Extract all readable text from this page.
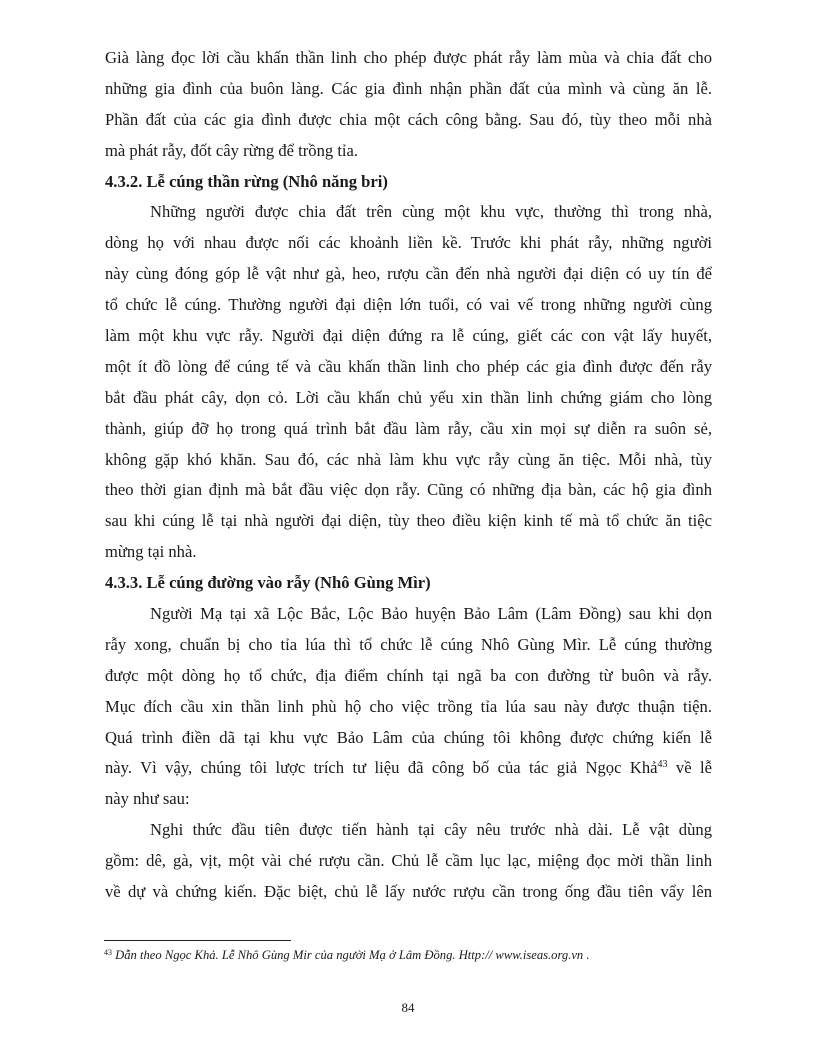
Già làng đọc lời cầu khấn thần linh cho phép được phát rẫy làm mùa và chia đất cho
những gia đình của buôn làng. Các gia đình nhận phần đất của mình và cùng ăn lễ.
Phần đất của các gia đình được chia một cách công bằng. Sau đó, tùy theo mỗi nhà
mà phát rẫy, đốt cây rừng để trồng tỉa.
4.3.2. Lễ cúng thần rừng (Nhô năng bri)
Những người được chia đất trên cùng một khu vực, thường thì trong nhà,
dòng họ với nhau được nối các khoảnh liền kề. Trước khi phát rẫy, những người
này cùng đóng góp lễ vật như gà, heo, rượu cần đến nhà người đại diện có uy tín để
tổ chức lễ cúng. Thường người đại diện lớn tuổi, có vai vế trong những người cùng
làm một khu vực rẫy. Người đại diện đứng ra lễ cúng, giết các con vật lấy huyết,
một ít đồ lòng để cúng tế và cầu khấn thần linh cho phép các gia đình được đến rẫy
bắt đầu phát cây, dọn cỏ. Lời cầu khấn chủ yếu xin thần linh chứng giám cho lòng
thành, giúp đỡ họ trong quá trình bắt đầu làm rẫy, cầu xin mọi sự diễn ra suôn sẻ,
không gặp khó khăn. Sau đó, các nhà làm khu vực rẫy cùng ăn tiệc. Mỗi nhà, tùy
theo thời gian định mà bắt đầu việc dọn rẫy. Cũng có những địa bàn, các hộ gia đình
sau khi cúng lễ tại nhà người đại diện, tùy theo điều kiện kinh tế mà tổ chức ăn tiệc
mừng tại nhà.
4.3.3. Lễ cúng đường vào rẫy (Nhô Gùng Mìr)
Người Mạ tại xã Lộc Bắc, Lộc Bảo huyện Bảo Lâm (Lâm Đồng) sau khi dọn
rẫy xong, chuẩn bị cho tỉa lúa thì tổ chức lễ cúng Nhô Gùng Mìr. Lễ cúng thường
được một dòng họ tổ chức, địa điểm chính tại ngã ba con đường từ buôn và rẫy.
Mục đích cầu xin thần linh phù hộ cho việc trồng tỉa lúa sau này được thuận tiện.
Quá trình điền dã tại khu vực Bảo Lâm của chúng tôi không được chứng kiến lễ
này. Vì vậy, chúng tôi lược trích tư liệu đã công bố của tác giả Ngọc Khả$^{43}$ về lễ
này như sau:
Nghi thức đầu tiên được tiến hành tại cây nêu trước nhà dài. Lễ vật dùng
gồm: dê, gà, vịt, một vài ché rượu cần. Chủ lễ cầm lục lạc, miệng đọc mời thần linh
về dự và chứng kiến. Đặc biệt, chủ lễ lấy nước rượu cần trong ống đầu tiên vẩy lên
$^{43}$ Dẫn theo Ngọc Khả. Lễ Nhô Gùng Mir của người Mạ ở Lâm Đồng. Http:// www.iseas.org.vn .
84
